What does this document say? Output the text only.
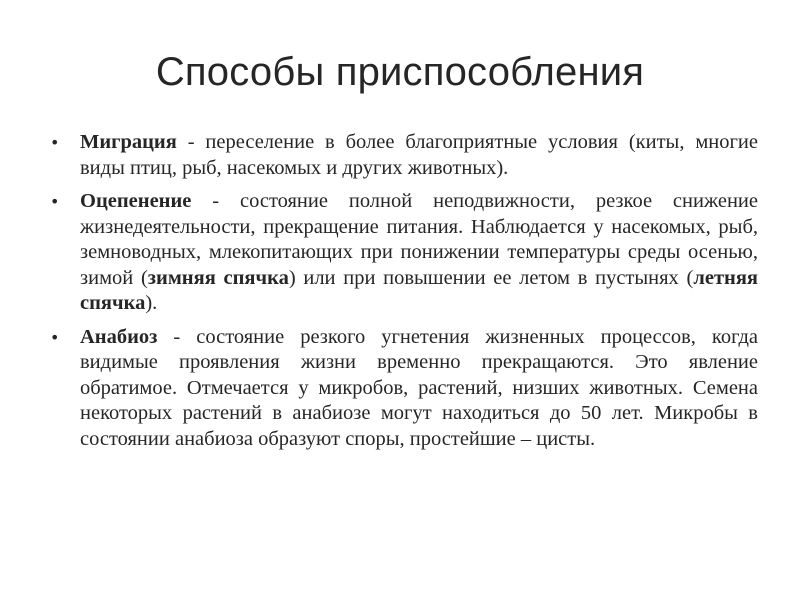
Способы приспособления
• Миграция - переселение в более благоприятные условия (киты, многие виды птиц, рыб, насекомых и других животных).
• Оцепенение - состояние полной неподвижности, резкое снижение жизнедеятельности, прекращение питания. Наблюдается у насекомых, рыб, земноводных, млекопитающих при понижении температуры среды осенью, зимой (зимняя спячка) или при повышении ее летом в пустынях (летняя спячка).
• Анабиоз - состояние резкого угнетения жизненных процессов, когда видимые проявления жизни временно прекращаются. Это явление обратимое. Отмечается у микробов, растений, низших животных. Семена некоторых растений в анабиозе могут находиться до 50 лет. Микробы в состоянии анабиоза образуют споры, простейшие – цисты.
